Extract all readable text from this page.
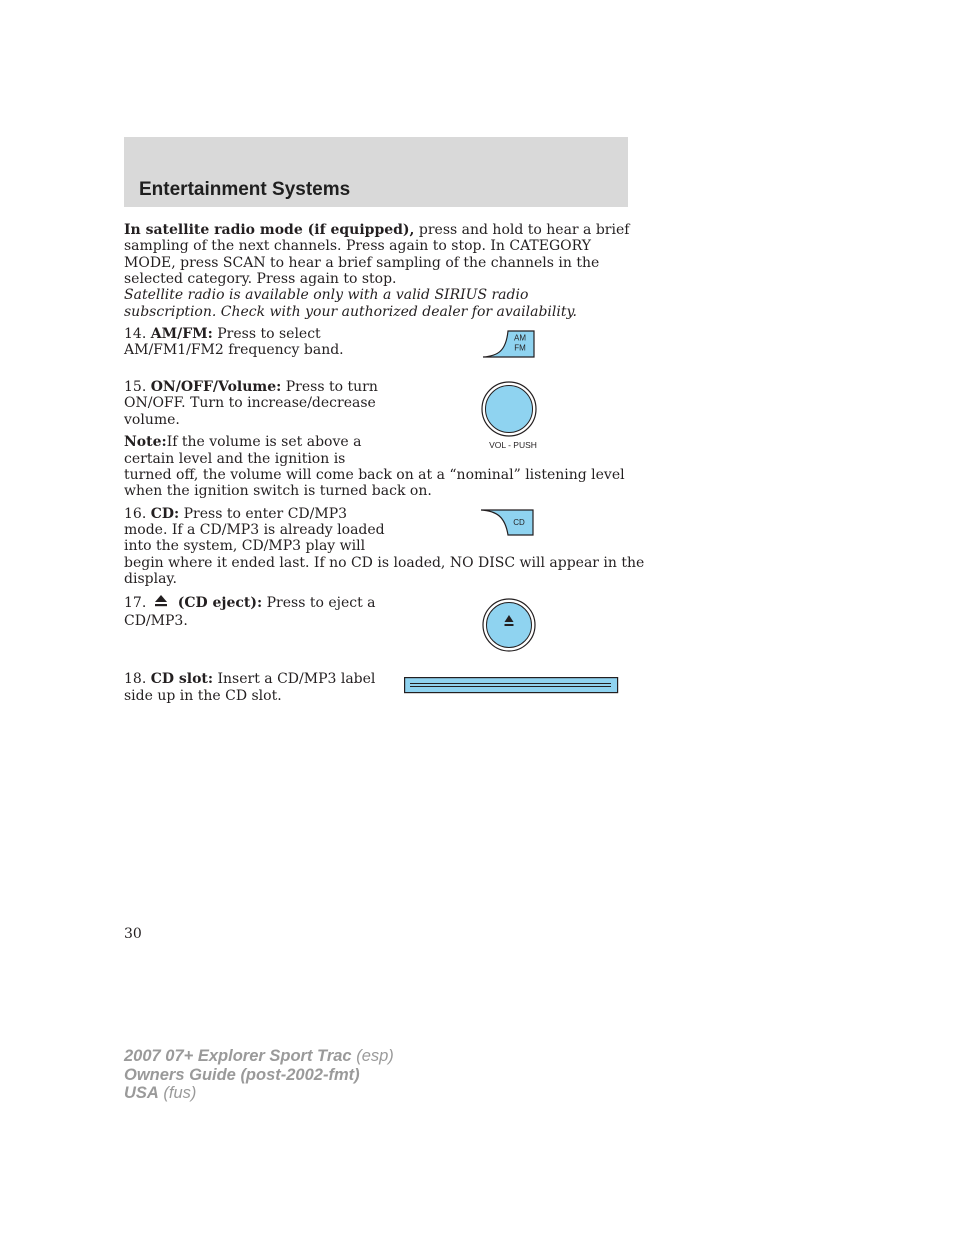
Entertainment Systems
In satellite radio mode (if equipped), press and hold to hear a brief
sampling of the next channels. Press again to stop. In CATEGORY
MODE, press SCAN to hear a brief sampling of the channels in the
selected category. Press again to stop.
Satellite radio is available only with a valid SIRIUS radio
subscription. Check with your authorized dealer for availability.
14. AM/FM: Press to select
AM/FM1/FM2 frequency band.
AM
FM
15. ON/OFF/Volume: Press to turn
ON/OFF. Turn to increase/decrease
volume.
VOL - PUSH
Note:If the volume is set above a
certain level and the ignition is
turned off, the volume will come back on at a “nominal” listening level
when the ignition switch is turned back on.
16. CD: Press to enter CD/MP3
mode. If a CD/MP3 is already loaded
into the system, CD/MP3 play will
begin where it ended last. If no CD is loaded, NO DISC will appear in the
display.
CD
17. (CD eject): Press to eject a
CD/MP3.
18. CD slot: Insert a CD/MP3 label
side up in the CD slot.
30
2007 07+ Explorer Sport Trac (esp)
Owners Guide (post-2002-fmt)
USA (fus)
